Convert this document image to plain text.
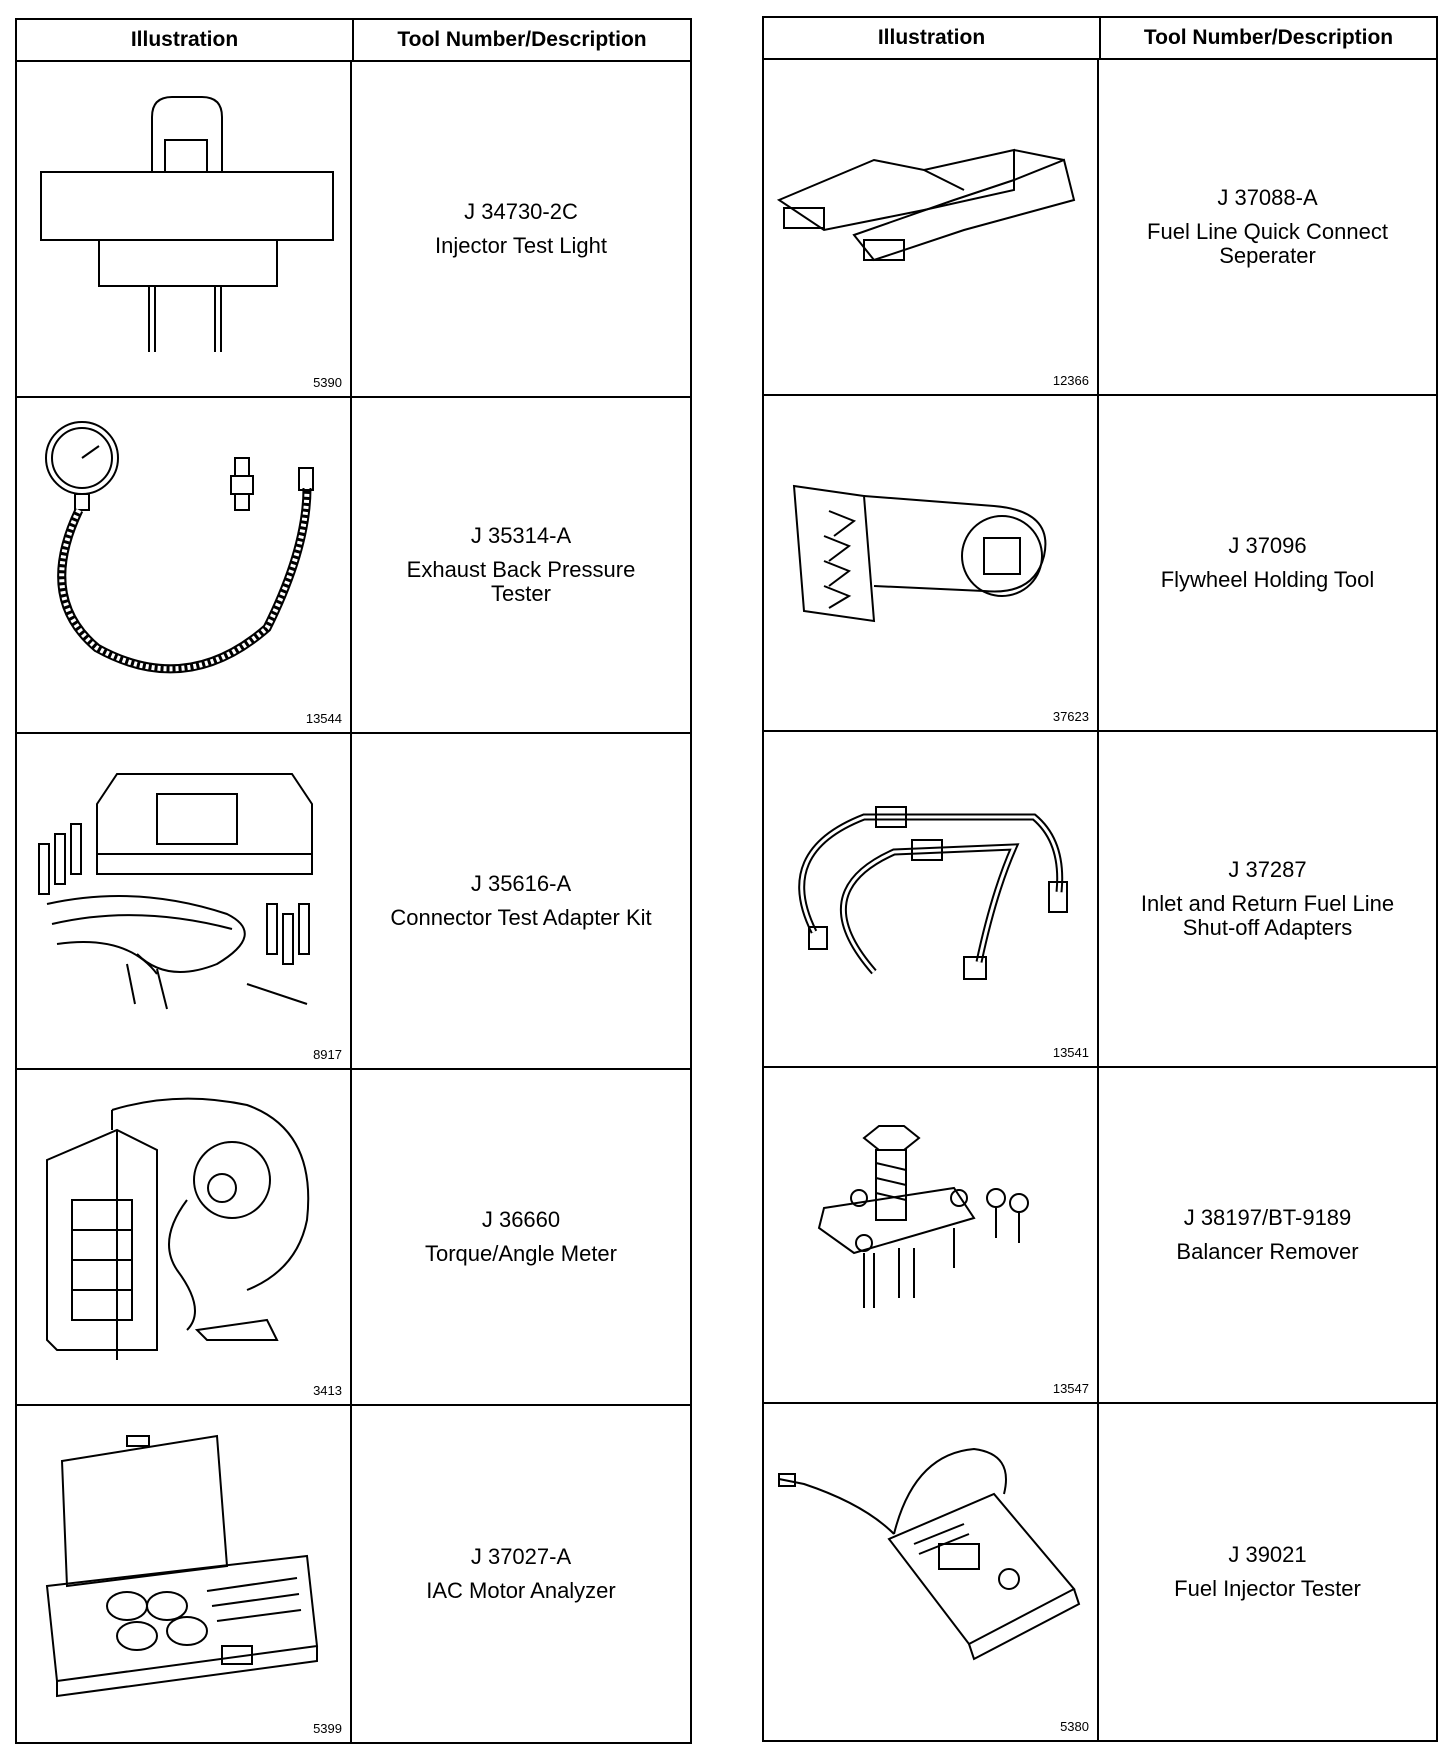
Illustration	Tool Number/Description
5390
J 34730-2C
Injector Test Light
13544
J 35314-A
Exhaust Back Pressure
Tester
8917
J 35616-A
Connector Test Adapter Kit
3413
J 36660
Torque/Angle Meter
5399
J 37027-A
IAC Motor Analyzer
Illustration	Tool Number/Description
12366
J 37088-A
Fuel Line Quick Connect
Seperater
37623
J 37096
Flywheel Holding Tool
13541
J 37287
Inlet and Return Fuel Line
Shut-off Adapters
13547
J 38197/BT-9189
Balancer Remover
5380
J 39021
Fuel Injector Tester
